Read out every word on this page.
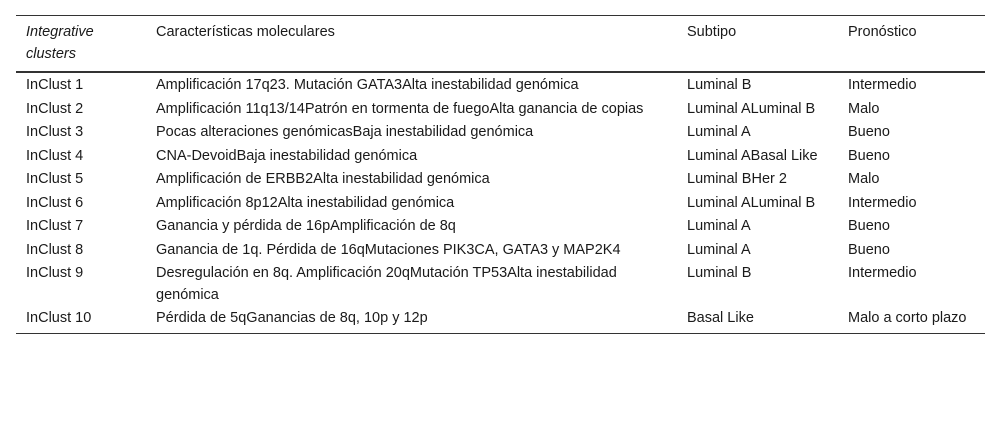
Integrative clusters	Características moleculares	Subtipo	Pronóstico
InClust 1	Amplificación 17q23. Mutación GATA3Alta inestabilidad genómica	Luminal B	Intermedio
InClust 2	Amplificación 11q13/14Patrón en tormenta de fuegoAlta ganancia de copias	Luminal ALuminal B	Malo
InClust 3	Pocas alteraciones genómicasBaja inestabilidad genómica	Luminal A	Bueno
InClust 4	CNA-DevoidBaja inestabilidad genómica	Luminal ABasal Like	Bueno
InClust 5	Amplificación de ERBB2Alta inestabilidad genómica	Luminal BHer 2	Malo
InClust 6	Amplificación 8p12Alta inestabilidad genómica	Luminal ALuminal B	Intermedio
InClust 7	Ganancia y pérdida de 16pAmplificación de 8q	Luminal A	Bueno
InClust 8	Ganancia de 1q. Pérdida de 16qMutaciones PIK3CA, GATA3 y MAP2K4	Luminal A	Bueno
InClust 9	Desregulación en 8q. Amplificación 20qMutación TP53Alta inestabilidad genómica	Luminal B	Intermedio
InClust 10	Pérdida de 5qGanancias de 8q, 10p y 12p	Basal Like	Malo a corto plazo
